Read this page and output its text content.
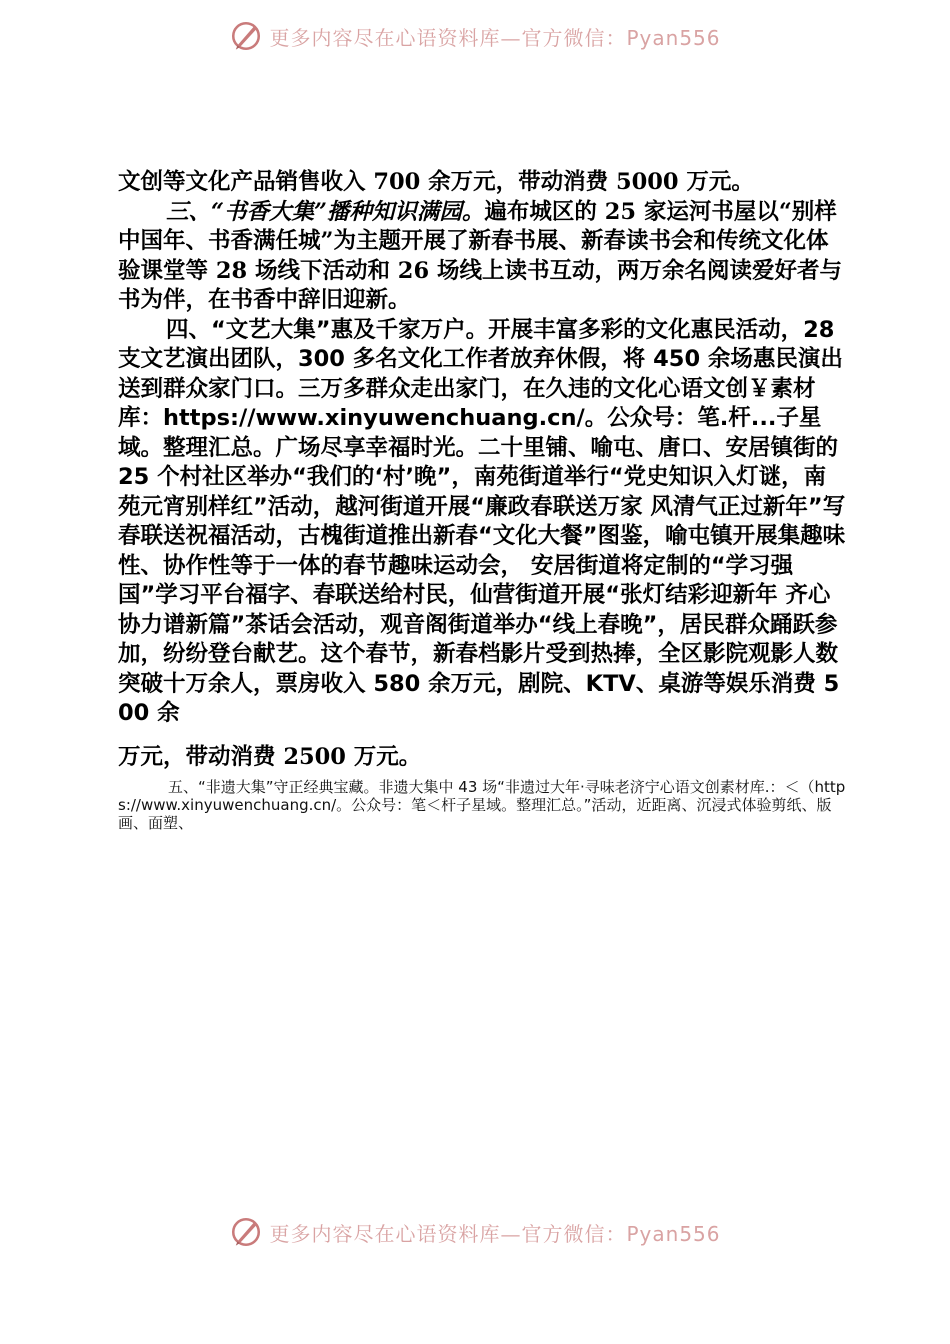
更多内容尽在心语资料库—官方微信：Pyan556

文创等文化产品销售收入 700 余万元，带动消费 5000 万元。

三、“书香大集”播种知识满园。遍布城区的 25 家运河书屋以“别样中国年、书香满任城”为主题开展了新春书展、新春读书会和传统文化体验课堂等 28 场线下活动和 26 场线上读书互动，两万余名阅读爱好者与书为伴，在书香中辞旧迎新。

四、“文艺大集”惠及千家万户。开展丰富多彩的文化惠民活动，28 支文艺演出团队，300 多名文化工作者放弃休假，将 450 余场惠民演出送到群众家门口。三万多群众走出家门，在久违的文化心语文创￥素材库：https://www.xinyuwenchuang.cn/。公众号：笔.杆...子星域。整理汇总。广场尽享幸福时光。二十里铺、喻屯、唐口、安居镇街的 25 个村社区举办“我们的‘村’晚”，南苑街道举行“党史知识入灯谜，南苑元宵别样红”活动，越河街道开展“廉政春联送万家 风清气正过新年”写春联送祝福活动，古槐街道推出新春“文化大餐”图鉴，喻屯镇开展集趣味性、协作性等于一体的春节趣味运动会， 安居街道将定制的“学习强国”学习平台福字、春联送给村民，仙营街道开展“张灯结彩迎新年 齐心协力谱新篇”茶话会活动，观音阁街道举办“线上春晚”，居民群众踊跃参加，纷纷登台献艺。这个春节，新春档影片受到热捧，全区影院观影人数突破十万余人，票房收入 580 余万元，剧院、KTV、桌游等娱乐消费 500 余

万元，带动消费 2500 万元。

五、“非遗大集”守正经典宝藏。非遗大集中 43 场“非遗过大年·寻味老济宁心语文创素材库.：＜（https://www.xinyuwenchuang.cn/。公众号：笔＜杆子星域。整理汇总。”活动，近距离、沉浸式体验剪纸、版画、面塑、

更多内容尽在心语资料库—官方微信：Pyan556
